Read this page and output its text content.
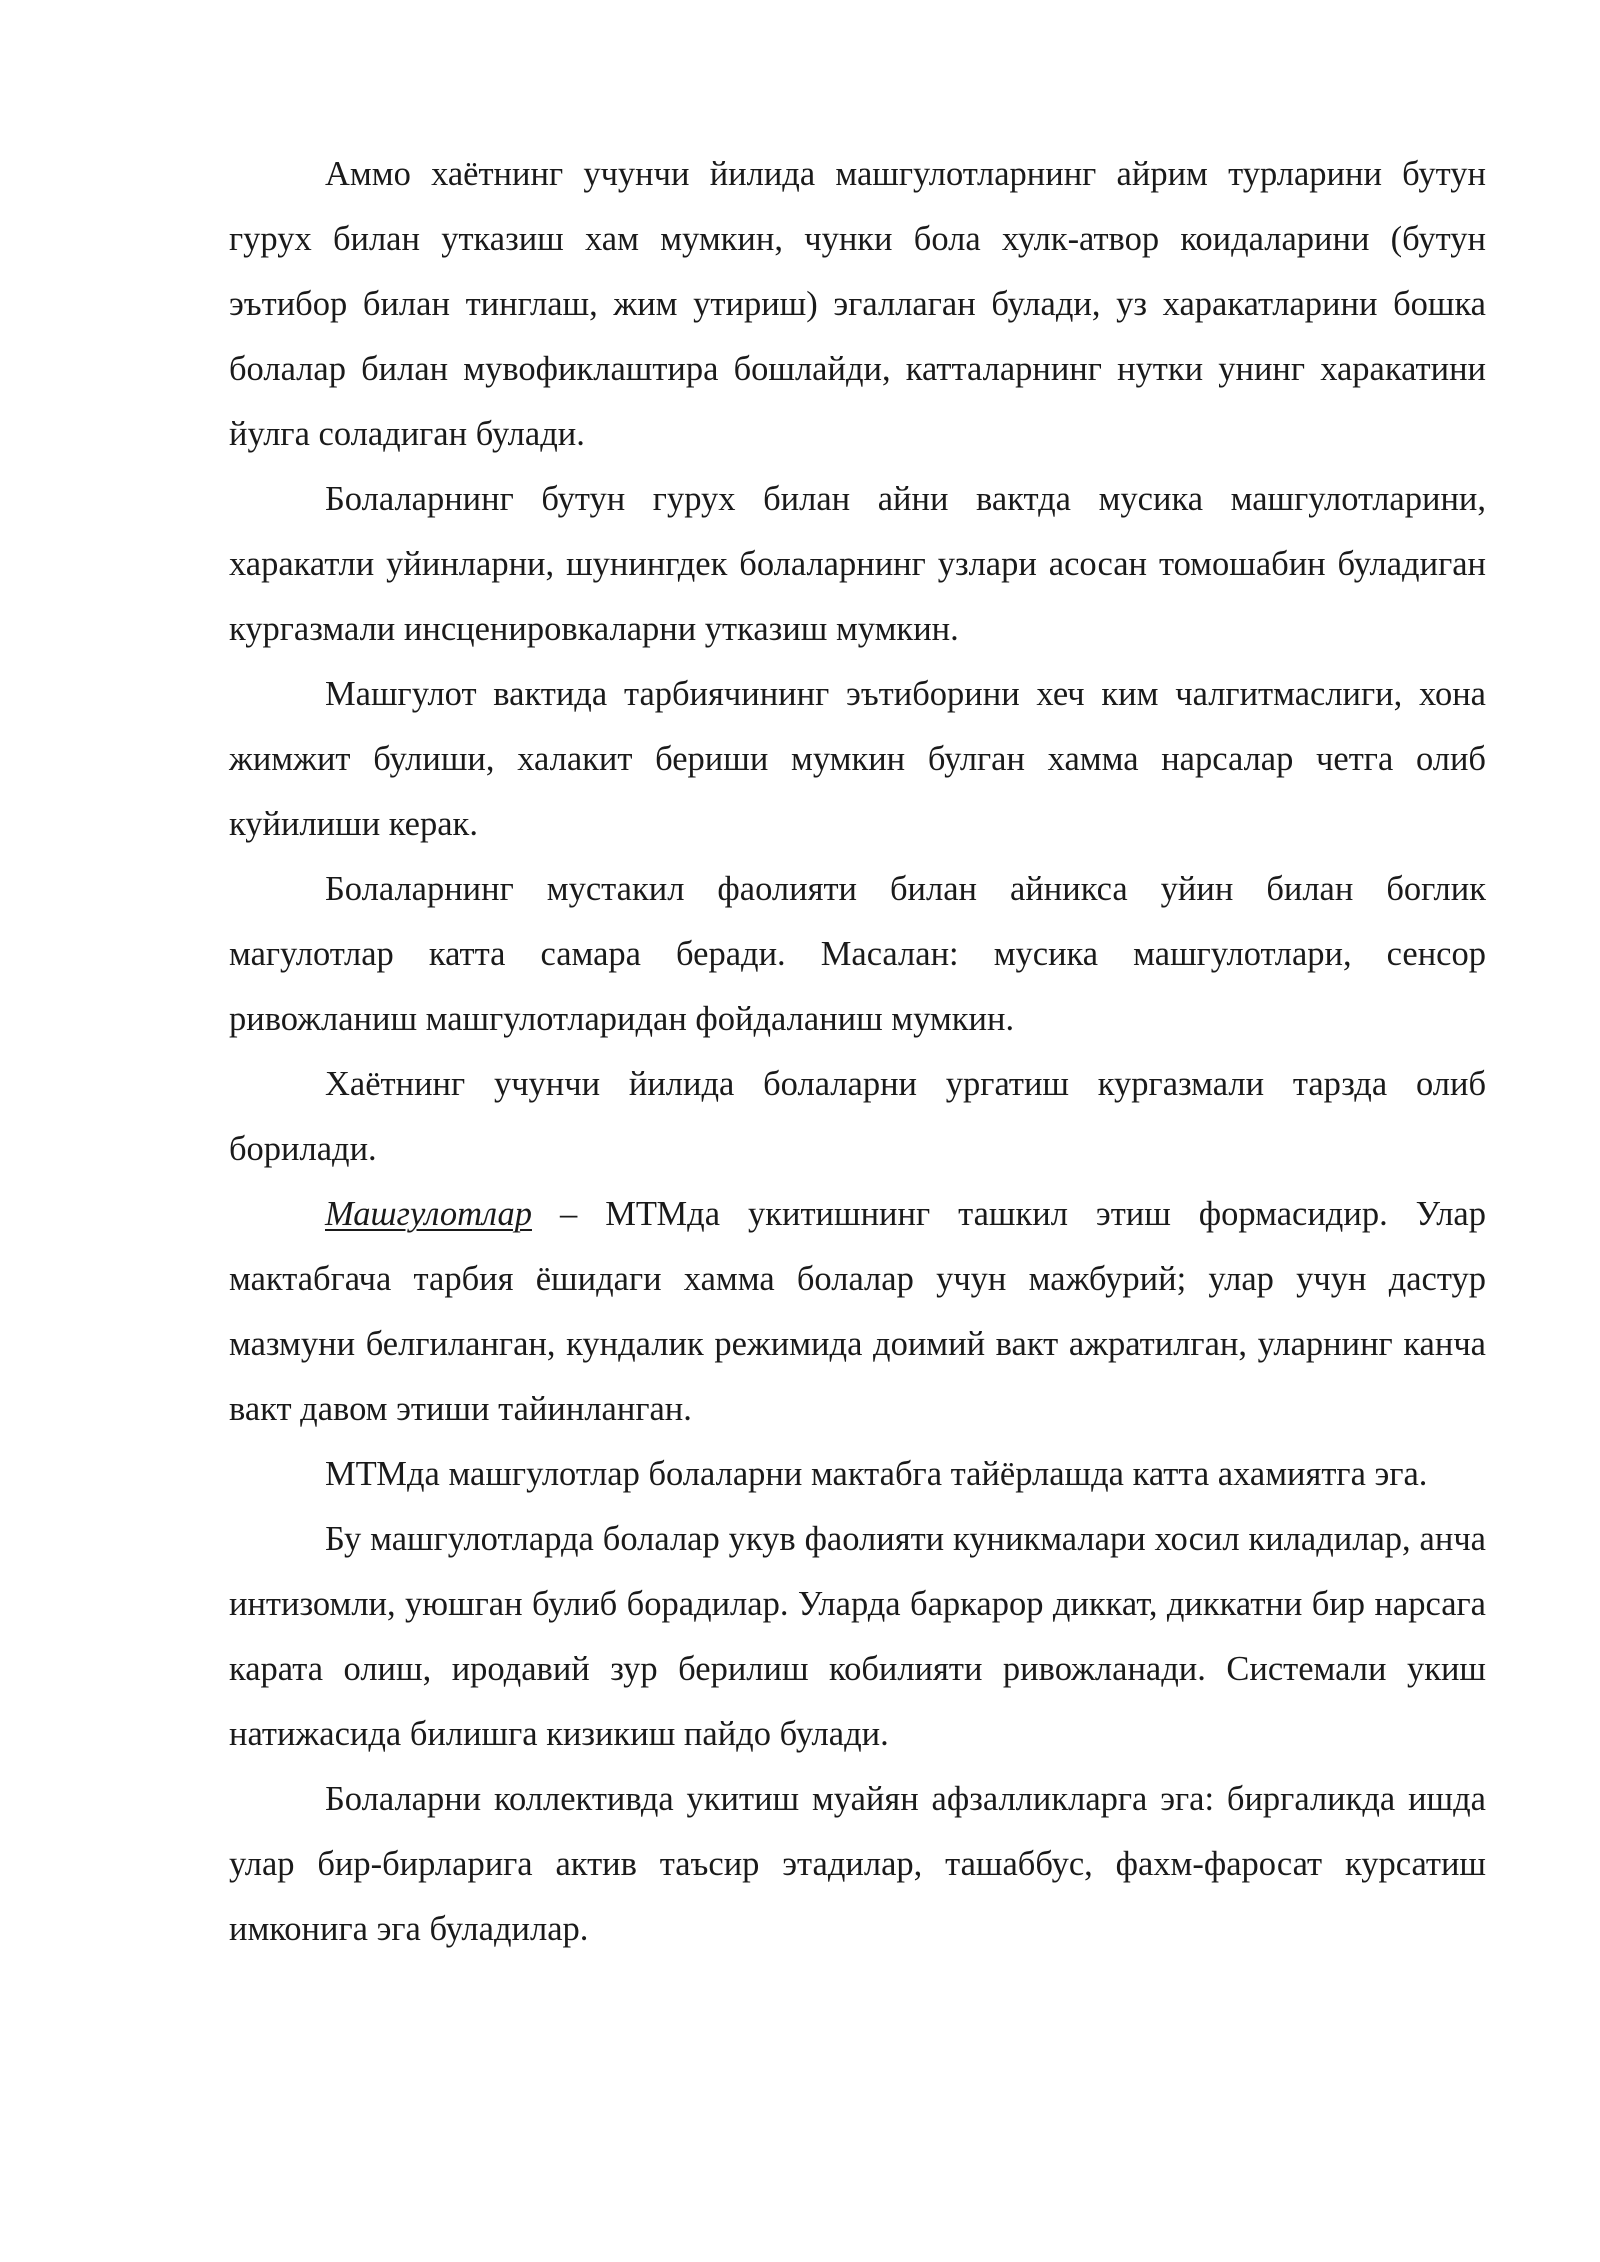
Аммо хаётнинг учунчи йилида машгулотларнинг айрим турларини бутун гурух билан утказиш хам мумкин, чунки бола хулк-атвор коидаларини (бутун эътибор билан тинглаш, жим утириш) эгаллаган булади, уз харакатларини бошка болалар билан мувофиклаштира бошлайди, катталарнинг нутки унинг харакатини йулга соладиган булади.

Болаларнинг бутун гурух билан айни вактда мусика машгулотларини, харакатли уйинларни, шунингдек болаларнинг узлари асосан томошабин буладиган кургазмали инсценировкаларни утказиш мумкин.

Машгулот вактида тарбиячининг эътиборини хеч ким чалгитмаслиги, хона жимжит булиши, халакит бериши мумкин булган хамма нарсалар четга олиб куйилиши керак.

Болаларнинг мустакил фаолияти билан айникса уйин билан боглик магулотлар катта самара беради. Масалан: мусика машгулотлари, сенсор ривожланиш машгулотларидан фойдаланиш мумкин.

Хаётнинг учунчи йилида болаларни ургатиш кургазмали тарзда олиб борилади.

Машгулотлар – МТМда укитишнинг ташкил этиш формасидир. Улар мактабгача тарбия ёшидаги хамма болалар учун мажбурий; улар учун дастур мазмуни белгиланган, кундалик режимида доимий вакт ажратилган, уларнинг канча вакт давом этиши тайинланган.

МТМда машгулотлар болаларни мактабга тайёрлашда катта ахамиятга эга.

Бу машгулотларда болалар укув фаолияти куникмалари хосил киладилар, анча интизомли, уюшган булиб борадилар. Уларда баркарор диккат, диккатни бир нарсага карата олиш, иродавий зур берилиш кобилияти ривожланади. Системали укиш натижасида билишга кизикиш пайдо булади.

Болаларни коллективда укитиш муайян афзалликларга эга: биргаликда ишда улар бир-бирларига актив таъсир этадилар, ташаббус, фахм-фаросат курсатиш имконига эга буладилар.
